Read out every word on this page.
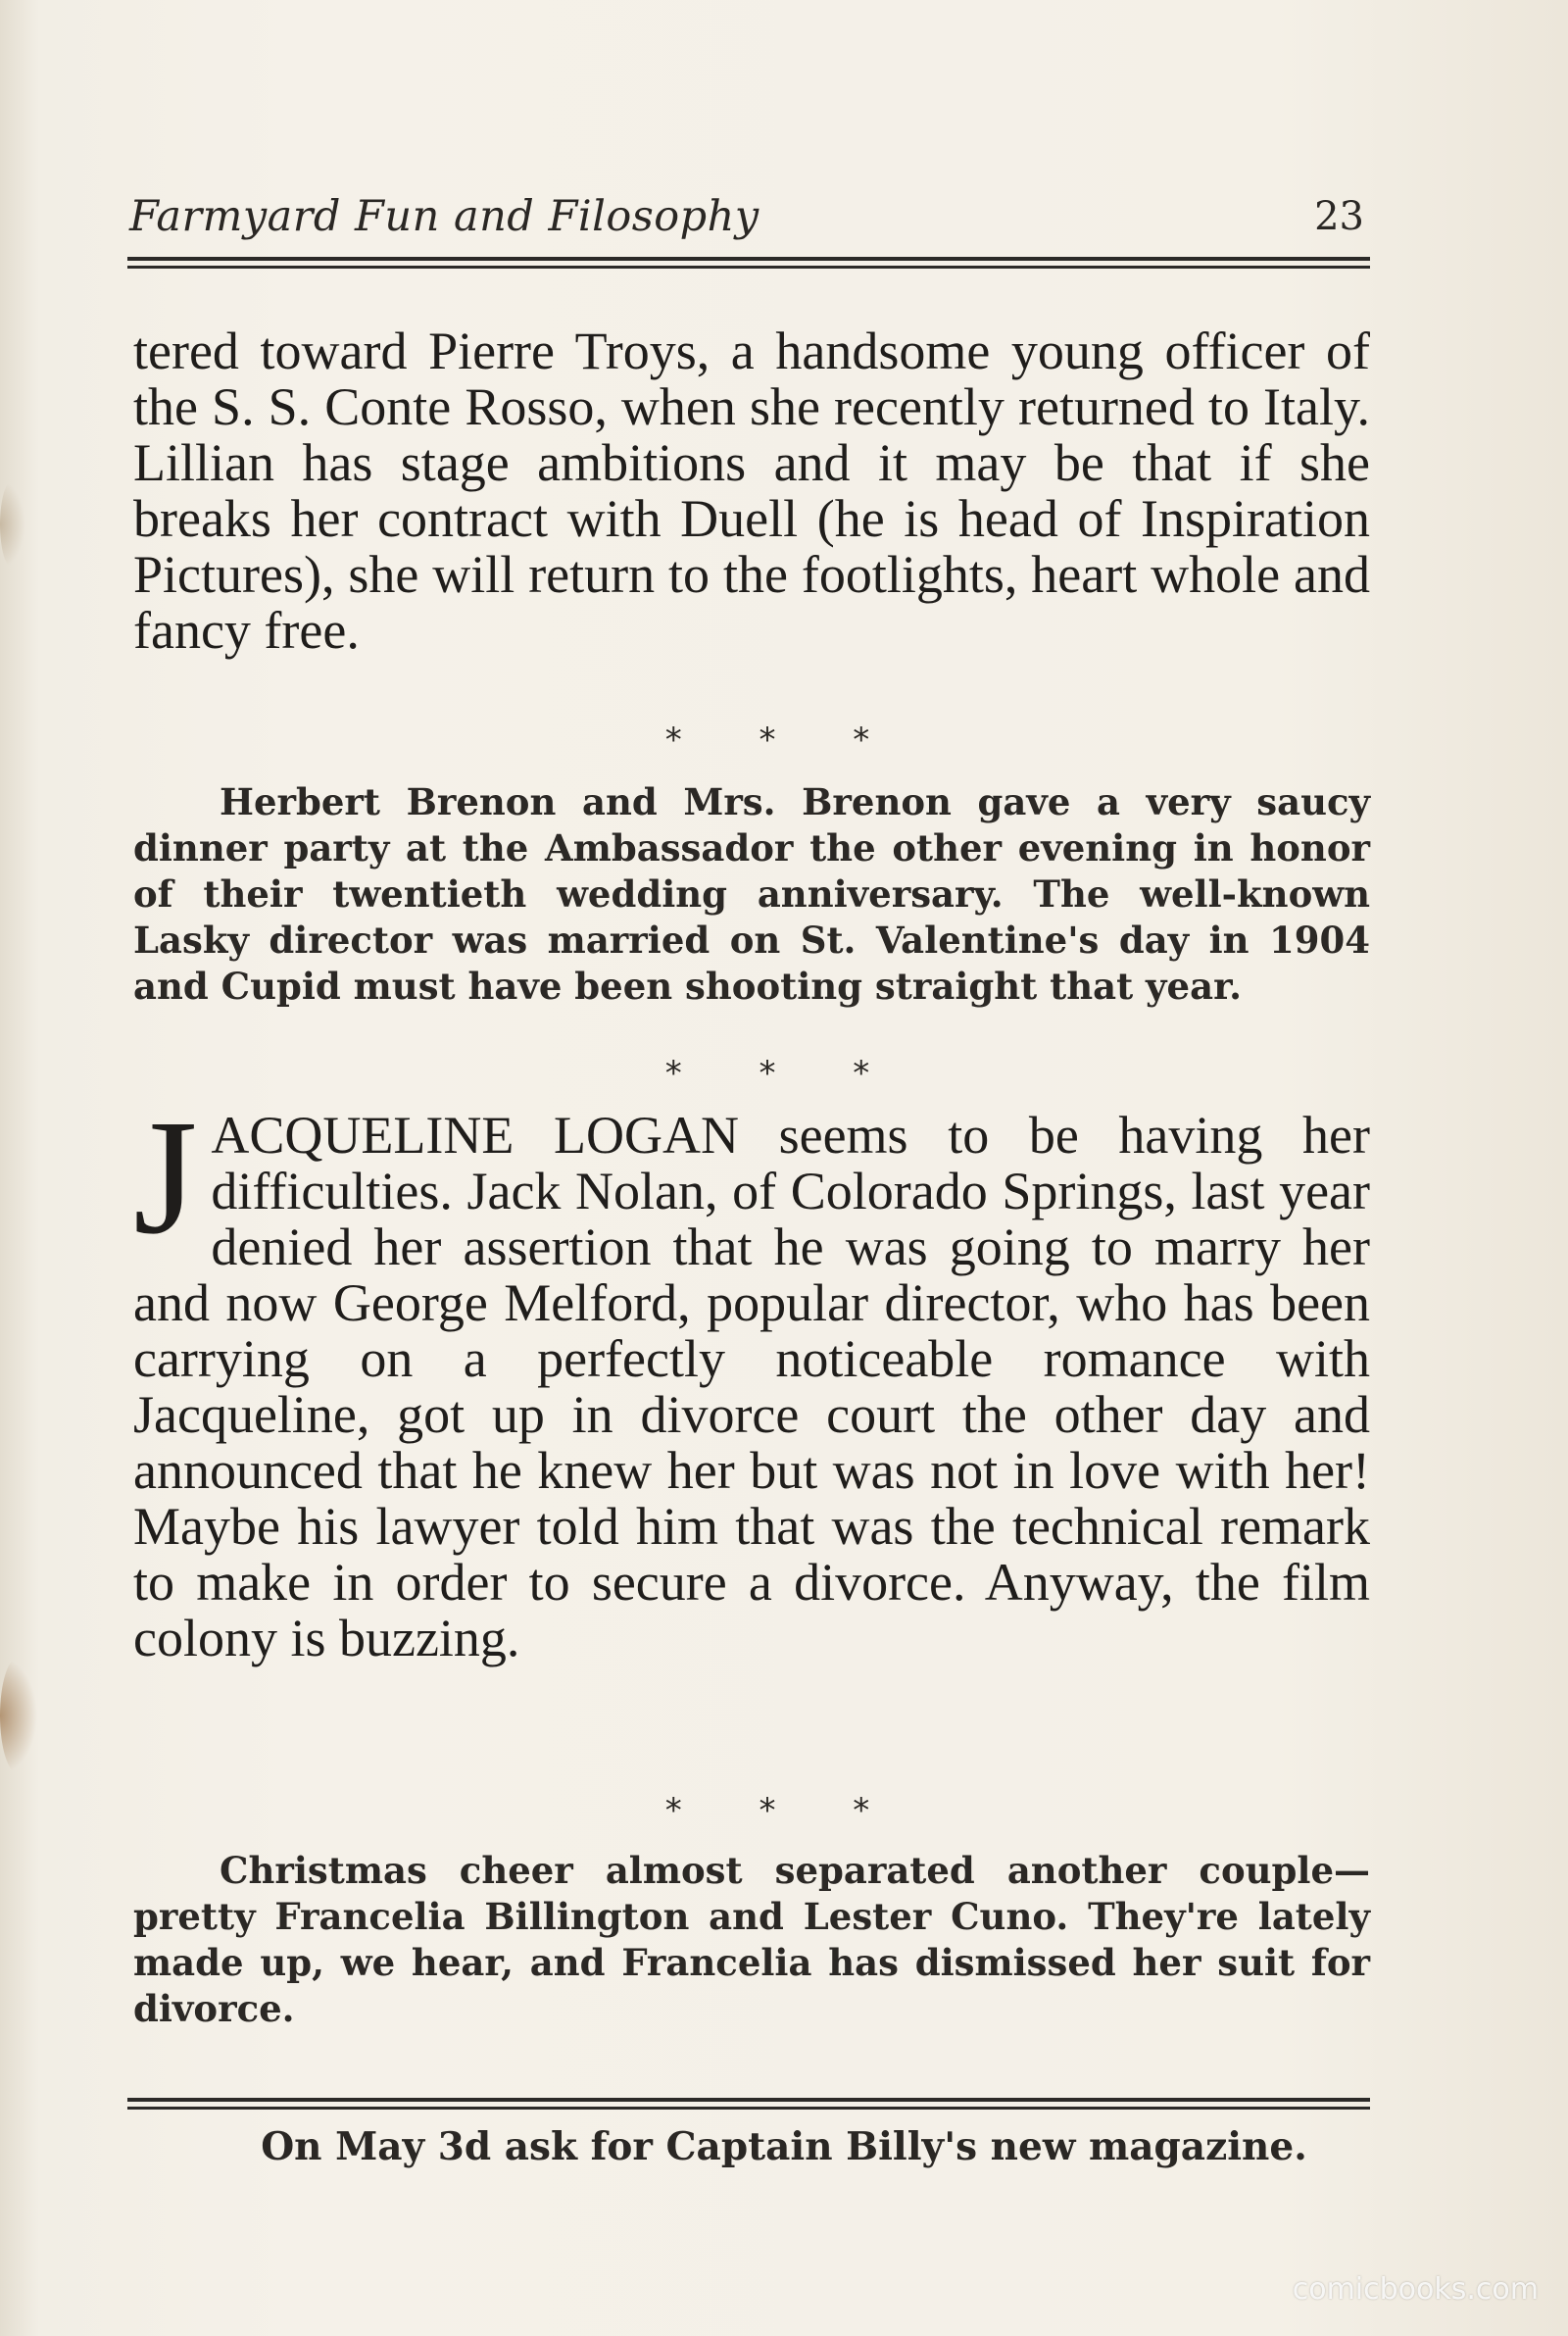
Farmyard Fun and Filosophy	23

tered toward Pierre Troys, a handsome young officer of the S. S. Conte Rosso, when she recently returned to Italy. Lillian has stage ambitions and it may be that if she breaks her contract with Duell (he is head of Inspiration Pictures), she will return to the footlights, heart whole and fancy free.

* * *

Herbert Brenon and Mrs. Brenon gave a very saucy dinner party at the Ambassador the other evening in honor of their twentieth wedding anniversary. The well-known Lasky director was married on St. Valentine's day in 1904 and Cupid must have been shooting straight that year.

* * *
J ACQUELINE LOGAN seems to be having her difficulties. Jack Nolan, of Colorado Springs, last year denied her assertion that he was going to marry her and now George Melford, popular director, who has been carrying on a perfectly noticeable romance with Jacqueline, got up in divorce court the other day and announced that he knew her but was not in love with her! Maybe his lawyer told him that was the technical remark to make in order to secure a divorce. Anyway, the film colony is buzzing.
* * *

Christmas cheer almost separated another couple—pretty Francelia Billington and Lester Cuno. They're lately made up, we hear, and Francelia has dismissed her suit for divorce.

On May 3d ask for Captain Billy's new magazine.
comicbooks.com
